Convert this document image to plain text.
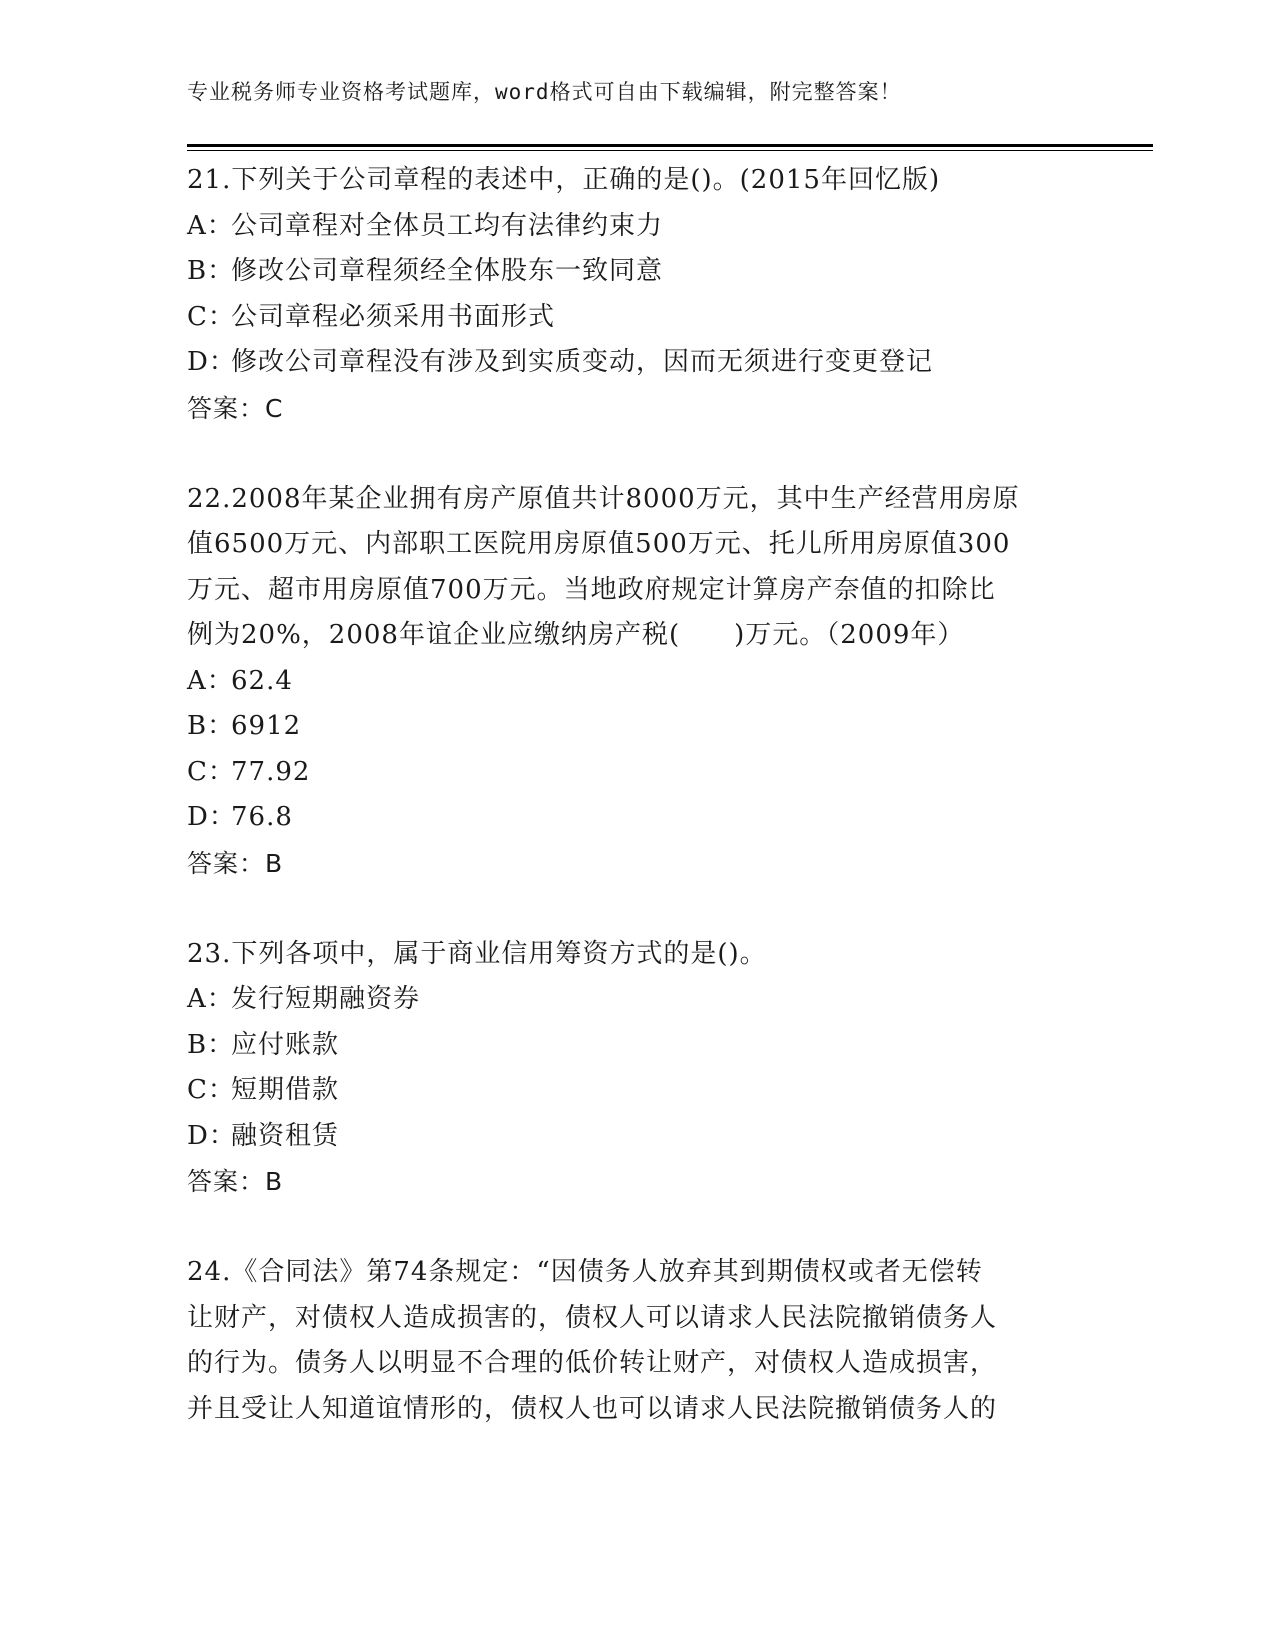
专业税务师专业资格考试题库，word格式可自由下载编辑，附完整答案！
21.下列关于公司章程的表述中，正确的是()。(2015年回忆版)
A：公司章程对全体员工均有法律约束力
B：修改公司章程须经全体股东一致同意
C：公司章程必须采用书面形式
D：修改公司章程没有涉及到实质变动，因而无须进行变更登记
答案：C
22.2008年某企业拥有房产原值共计8000万元，其中生产经营用房原
值6500万元、内部职工医院用房原值500万元、托儿所用房原值300
万元、超市用房原值700万元。当地政府规定计算房产奈值的扣除比
例为20%，2008年谊企业应缴纳房产税(　　)万元。（2009年）
A：62.4
B：6912
C：77.92
D：76.8
答案：B
23.下列各项中，属于商业信用筹资方式的是()。
A：发行短期融资券
B：应付账款
C：短期借款
D：融资租赁
答案：B
24.《合同法》第74条规定：“因债务人放弃其到期债权或者无偿转
让财产，对债权人造成损害的，债权人可以请求人民法院撤销债务人
的行为。债务人以明显不合理的低价转让财产，对债权人造成损害，
并且受让人知道谊情形的，债权人也可以请求人民法院撤销债务人的
